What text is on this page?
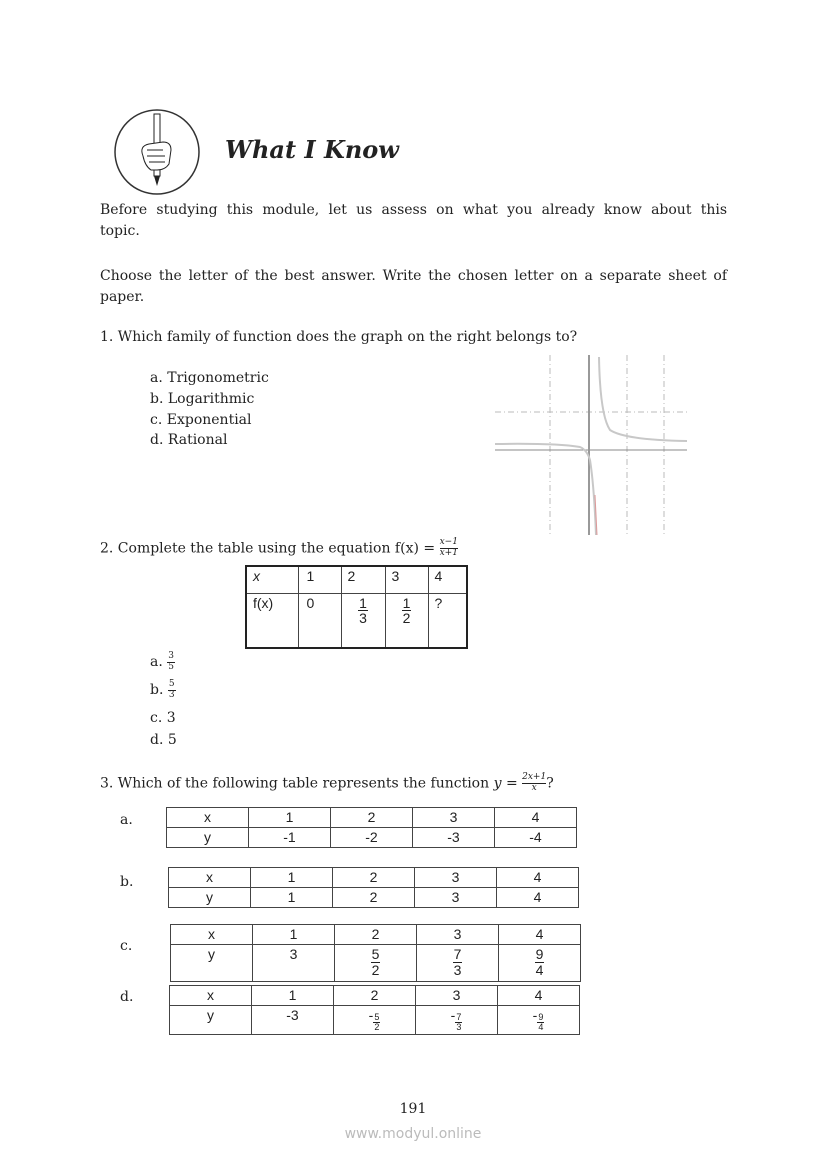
What I Know
Before studying this module, let us assess on what you already know about this
topic.
Choose the letter of the best answer. Write the chosen letter on a separate sheet of
paper.
1. Which family of function does the graph on the right belongs to?
a. Trigonometric
b. Logarithmic
c. Exponential
d. Rational
2. Complete the table using the equation $f(x) = \frac{x-1}{x+1}$
x	1	2	3	4
f(x)	0	$\frac{1}{3}$	$\frac{1}{2}$	?
a. $\frac{3}{5}$
b. $\frac{5}{3}$
c. 3
d. 5
3. Which of the following table represents the function $y = \frac{2x+1}{x}$ ?
a.	x	1	2	3	4
y	-1	-2	-3	-4
b.	x	1	2	3	4
y	1	2	3	4
c.
x	1	2	3	4
y	3	$\frac{5}{2}$	$\frac{7}{3}$	$\frac{9}{4}$
d.	x	1	2	3	4
y	-3	- $\frac{5}{2}$	- $\frac{7}{3}$	- $\frac{9}{4}$
191
www.modyul.online
